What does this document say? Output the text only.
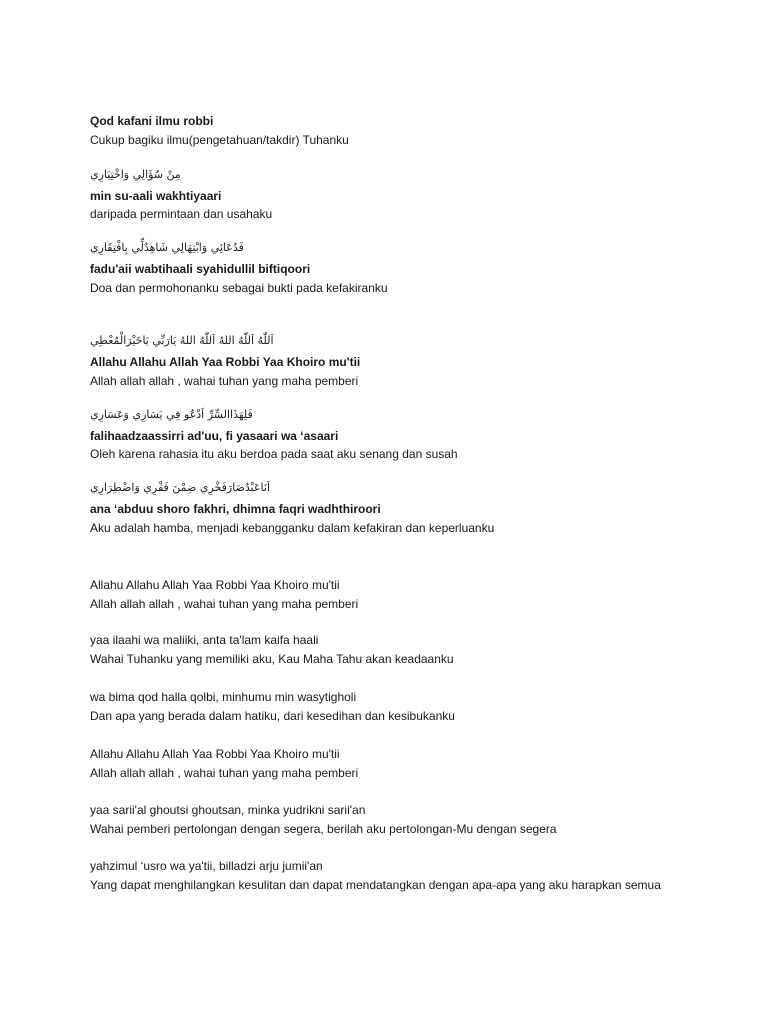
Qod kafani ilmu robbi
Cukup bagiku ilmu(pengetahuan/takdir) Tuhanku
مِنْ سُؤَالِي وَاخْتِيَارِي
min su-aali wakhtiyaari
daripada permintaan dan usahaku
فَدُعَائِي وَابْتِهَالِي شَاهِدٌلِّي بِافْتِقَارِي
fadu'aii wabtihaali syahidullil biftiqoori
Doa dan permohonanku sebagai bukti pada kefakiranku
اَللّٰهُ اَللّٰهُ اللهُ اَللّٰهُ اللهُ يَارَبِّي يَاخَيْرَالْمُعْطِي
Allahu Allahu Allah Yaa Robbi Yaa Khoiro mu'tii
Allah allah allah , wahai tuhan yang maha pemberi
فَلِهَذَاالسِّرِّ اَدْعُو فِي يَسَارِي وَعَسَارِي
falihaadzaassirri ad'uu, fi yasaari wa ‘asaari
Oleh karena rahasia itu aku berdoa pada saat aku senang dan susah
اَنَاعَبْدٌصَارَفَخْرِي ضِمْنَ فَقْرِي وَاضْطِرَارِي
ana ‘abduu shoro fakhri, dhimna faqri wadhthiroori
Aku adalah hamba, menjadi kebangganku dalam kefakiran dan keperluanku
Allahu Allahu Allah Yaa Robbi Yaa Khoiro mu'tii
Allah allah allah , wahai tuhan yang maha pemberi
yaa ilaahi wa maliiki, anta ta'lam kaifa haali
Wahai Tuhanku yang memiliki aku, Kau Maha Tahu akan keadaanku
wa bima qod halla qolbi, minhumu min wasytigholi
Dan apa yang berada dalam hatiku, dari kesedihan dan kesibukanku
Allahu Allahu Allah Yaa Robbi Yaa Khoiro mu'tii
Allah allah allah , wahai tuhan yang maha pemberi
yaa sarii'al ghoutsi ghoutsan, minka yudrikni sarii'an
Wahai pemberi pertolongan dengan segera, berilah aku pertolongan-Mu dengan segera
yahzimul ‘usro wa ya'tii, billadzi arju jumii'an
Yang dapat menghilangkan kesulitan dan dapat mendatangkan dengan apa-apa yang aku harapkan semua
